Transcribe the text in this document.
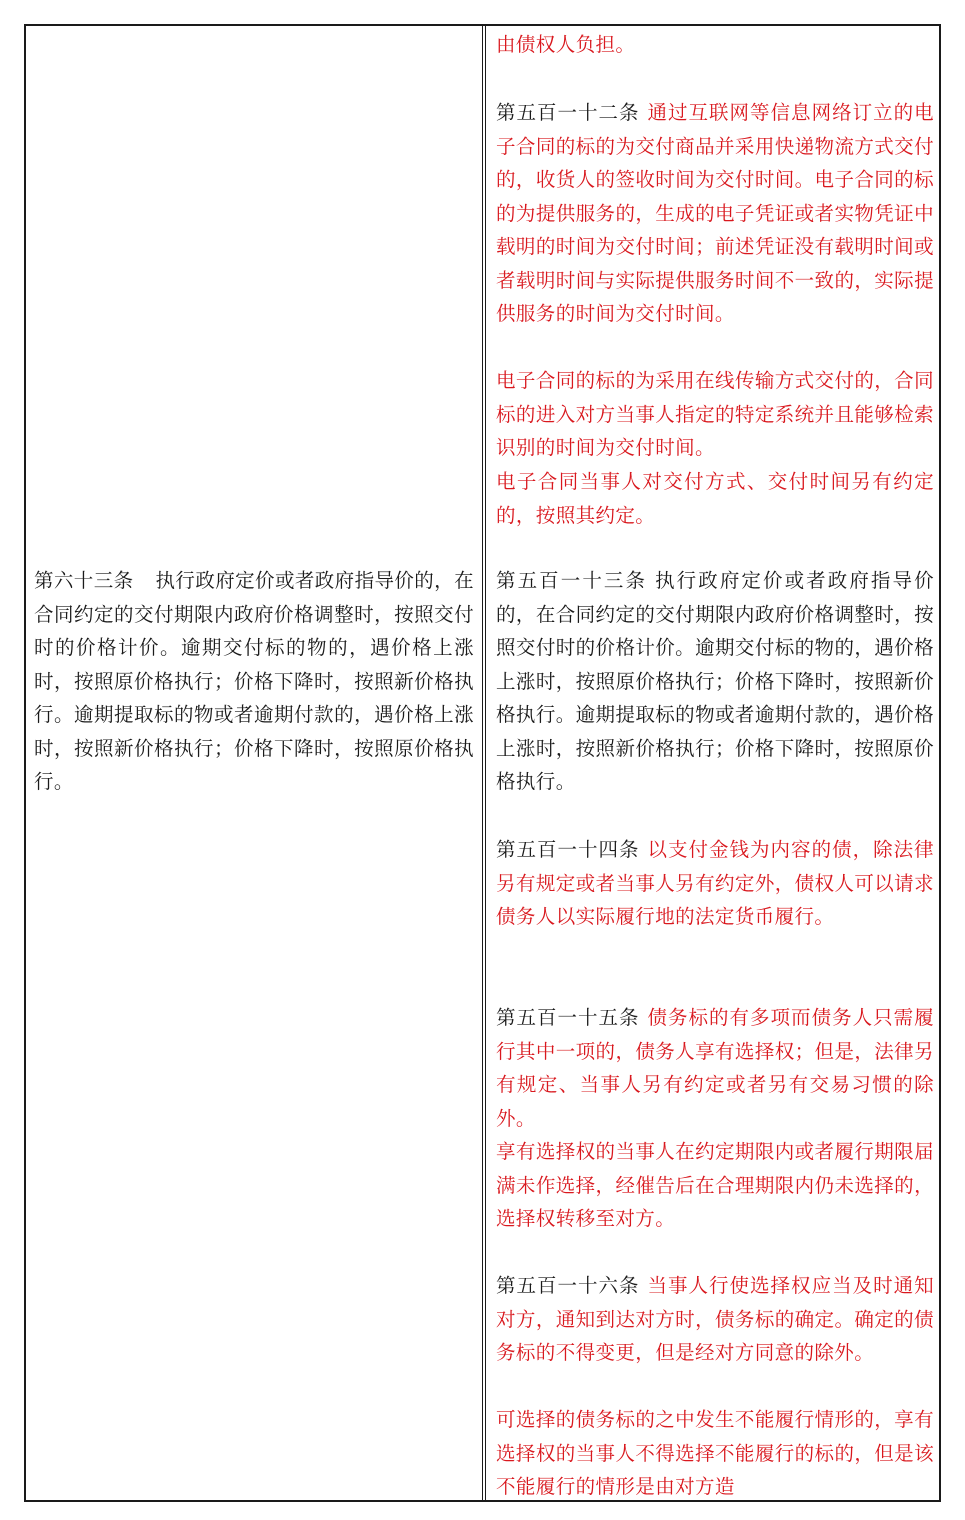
第六十三条 执行政府定价或者政府指导价的，在合同约定的交付期限内政府价格调整时，按照交付时的价格计价。逾期交付标的物的，遇价格上涨时，按照原价格执行；价格下降时，按照新价格执行。逾期提取标的物或者逾期付款的，遇价格上涨时，按照新价格执行；价格下降时，按照原价格执行。

由债权人负担。

第五百一十二条 通过互联网等信息网络订立的电子合同的标的为交付商品并采用快递物流方式交付的，收货人的签收时间为交付时间。电子合同的标的为提供服务的，生成的电子凭证或者实物凭证中载明的时间为交付时间；前述凭证没有载明时间或者载明时间与实际提供服务时间不一致的，实际提供服务的时间为交付时间。

电子合同的标的为采用在线传输方式交付的，合同标的进入对方当事人指定的特定系统并且能够检索识别的时间为交付时间。

电子合同当事人对交付方式、交付时间另有约定的，按照其约定。

第五百一十三条 执行政府定价或者政府指导价的，在合同约定的交付期限内政府价格调整时，按照交付时的价格计价。逾期交付标的物的，遇价格上涨时，按照原价格执行；价格下降时，按照新价格执行。逾期提取标的物或者逾期付款的，遇价格上涨时，按照新价格执行；价格下降时，按照原价格执行。

第五百一十四条 以支付金钱为内容的债，除法律另有规定或者当事人另有约定外，债权人可以请求债务人以实际履行地的法定货币履行。

第五百一十五条 债务标的有多项而债务人只需履行其中一项的，债务人享有选择权；但是，法律另有规定、当事人另有约定或者另有交易习惯的除外。

享有选择权的当事人在约定期限内或者履行期限届满未作选择，经催告后在合理期限内仍未选择的，选择权转移至对方。

第五百一十六条 当事人行使选择权应当及时通知对方，通知到达对方时，债务标的确定。确定的债务标的不得变更，但是经对方同意的除外。

可选择的债务标的之中发生不能履行情形的，享有选择权的当事人不得选择不能履行的标的，但是该不能履行的情形是由对方造
